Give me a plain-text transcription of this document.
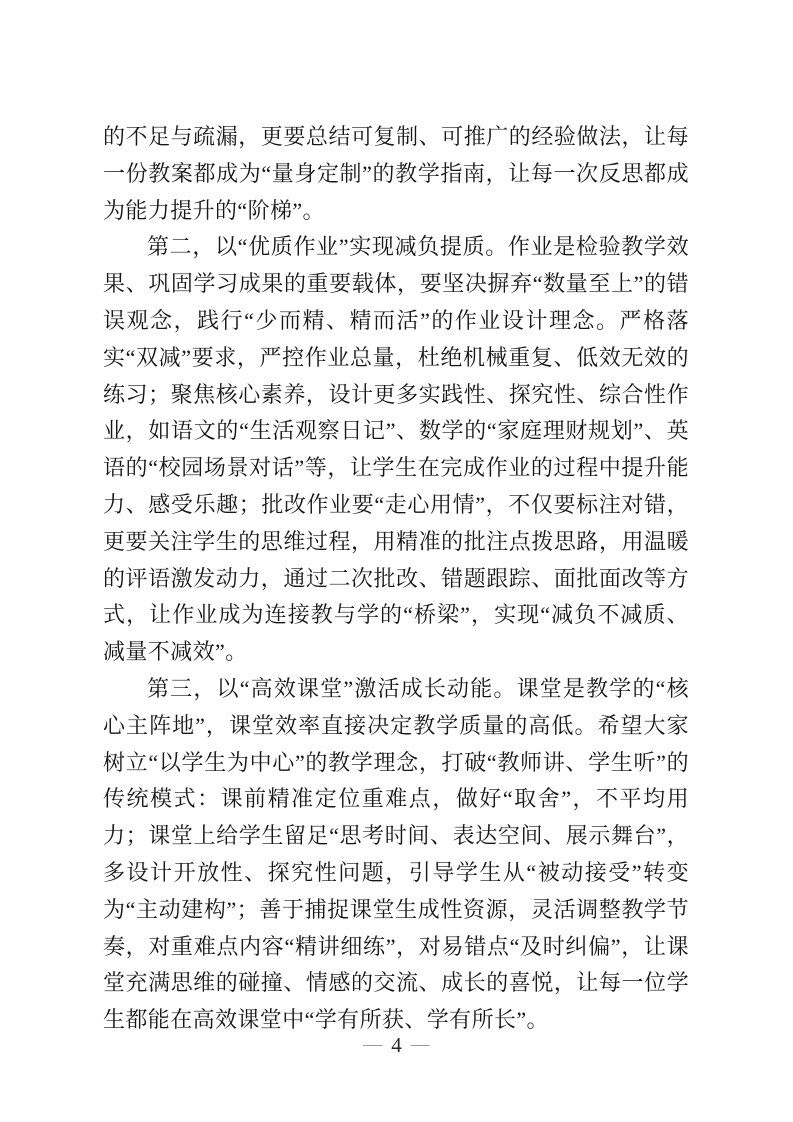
的不足与疏漏，更要总结可复制、可推广的经验做法，让每一份教案都成为“量身定制”的教学指南，让每一次反思都成为能力提升的“阶梯”。

第二，以“优质作业”实现减负提质。作业是检验教学效果、巩固学习成果的重要载体，要坚决摒弃“数量至上”的错误观念，践行“少而精、精而活”的作业设计理念。严格落实“双减”要求，严控作业总量，杜绝机械重复、低效无效的练习；聚焦核心素养，设计更多实践性、探究性、综合性作业，如语文的“生活观察日记”、数学的“家庭理财规划”、英语的“校园场景对话”等，让学生在完成作业的过程中提升能力、感受乐趣；批改作业要“走心用情”，不仅要标注对错，更要关注学生的思维过程，用精准的批注点拨思路，用温暖的评语激发动力，通过二次批改、错题跟踪、面批面改等方式，让作业成为连接教与学的“桥梁”，实现“减负不减质、减量不减效”。

第三，以“高效课堂”激活成长动能。课堂是教学的“核心主阵地”，课堂效率直接决定教学质量的高低。希望大家树立“以学生为中心”的教学理念，打破“教师讲、学生听”的传统模式：课前精准定位重难点，做好“取舍”，不平均用力；课堂上给学生留足“思考时间、表达空间、展示舞台”，多设计开放性、探究性问题，引导学生从“被动接受”转变为“主动建构”；善于捕捉课堂生成性资源，灵活调整教学节奏，对重难点内容“精讲细练”，对易错点“及时纠偏”，让课堂充满思维的碰撞、情感的交流、成长的喜悦，让每一位学生都能在高效课堂中“学有所获、学有所长”。

— 4 —
